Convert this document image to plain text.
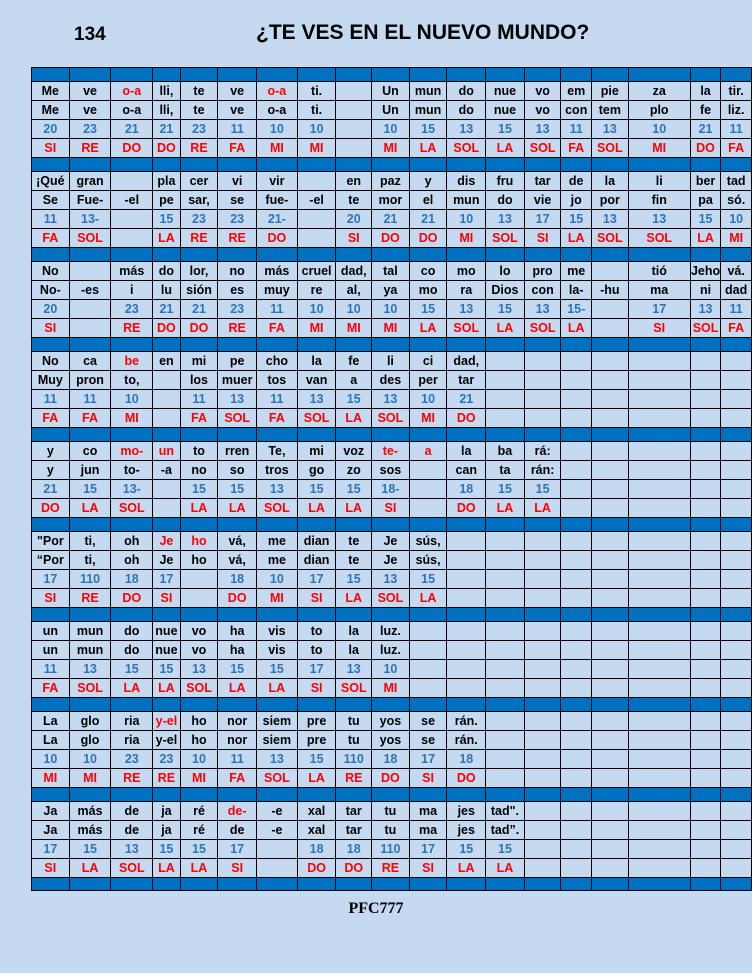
134	¿TE VES EN EL NUEVO MUNDO?

Me	ve	o-a	lli,	te	ve	o-a	ti.		Un	mun	do	nue	vo	em	pie	za	la	tir.
Me	ve	o-a	lli,	te	ve	o-a	ti.		Un	mun	do	nue	vo	con	tem	plo	fe	liz.
20	23	21	21	23	11	10	10		10	15	13	15	13	11	13	10	21	11
SI	RE	DO	DO	RE	FA	MI	MI		MI	LA	SOL	LA	SOL	FA	SOL	MI	DO	FA

¡Qué	gran		pla	cer	vi	vir		en	paz	y	dis	fru	tar	de	la	li	ber	tad
Se	Fue-	-el	pe	sar,	se	fue-	-el	te	mor	el	mun	do	vie	jo	por	fin	pa	só.
11	13-		15	23	23	21-		20	21	21	10	13	17	15	13	13	15	10
FA	SOL		LA	RE	RE	DO		SI	DO	DO	MI	SOL	SI	LA	SOL	SOL	LA	MI

No		más	do	lor,	no	más	cruel	dad,	tal	co	mo	lo	pro	me		tió	Jeho	vá.
No-	-es	i	lu	sión	es	muy	re	al,	ya	mo	ra	Dios	con	la-	-hu	ma	ni	dad
20		23	21	21	23	11	10	10	10	15	13	15	13	15-		17	13	11
SI		RE	DO	DO	RE	FA	MI	MI	MI	LA	SOL	LA	SOL	LA		SI	SOL	FA

No	ca	be	en	mi	pe	cho	la	fe	li	ci	dad,							
Muy	pron	to,		los	muer	tos	van	a	des	per	tar							
11	11	10		11	13	11	13	15	13	10	21							
FA	FA	MI		FA	SOL	FA	SOL	LA	SOL	MI	DO							

y	co	mo-	un	to	rren	Te,	mi	voz	te-	a	la	ba	rá:					
y	jun	to-	-a	no	so	tros	go	zo	sos		can	ta	rán:					
21	15	13-		15	15	13	15	15	18-		18	15	15					
DO	LA	SOL		LA	LA	SOL	LA	LA	SI		DO	LA	LA					

"Por	ti,	oh	Je	ho	vá,	me	dian	te	Je	sús,								
“Por	ti,	oh	Je	ho	vá,	me	dian	te	Je	sús,								
17	110	18	17		18	10	17	15	13	15								
SI	RE	DO	SI		DO	MI	SI	LA	SOL	LA								

un	mun	do	nue	vo	ha	vis	to	la	luz.									
un	mun	do	nue	vo	ha	vis	to	la	luz.									
11	13	15	15	13	15	15	17	13	10									
FA	SOL	LA	LA	SOL	LA	LA	SI	SOL	MI									

La	glo	ria	y-el	ho	nor	siem	pre	tu	yos	se	rán.							
La	glo	ria	y-el	ho	nor	siem	pre	tu	yos	se	rán.							
10	10	23	23	10	11	13	15	110	18	17	18							
MI	MI	RE	RE	MI	FA	SOL	LA	RE	DO	SI	DO							

Ja	más	de	ja	ré	de-	-e	xal	tar	tu	ma	jes	tad".						
Ja	más	de	ja	ré	de	-e	xal	tar	tu	ma	jes	tad”.						
17	15	13	15	15	17		18	18	110	17	15	15						
SI	LA	SOL	LA	LA	SI		DO	DO	RE	SI	LA	LA						

PFC777
